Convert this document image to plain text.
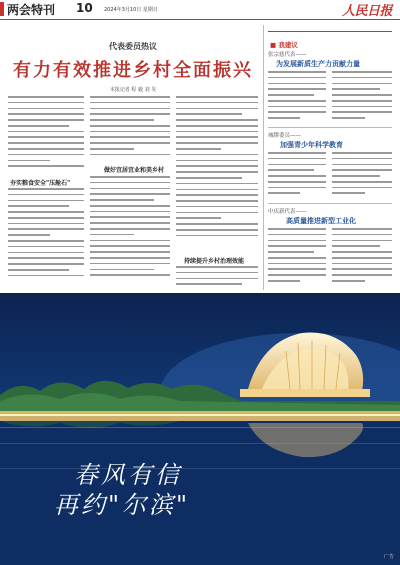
两会特刊 10 2024年3月10日 星期日	人民日报
代表委员热议
有力有效推进乡村全面振兴
本报记者 程 毅 刘 昊
夯实粮食安全"压舱石"
做好宜居宜业和美乡村
持续提升乡村治理效能
■ 我建议
张宗慈代表——
为发展新质生产力贡献力量
城缪委员——
加强青少年科学教育
中庆新代表——
高质量推进新型工业化
春风有信
再约"尔滨"
广告
